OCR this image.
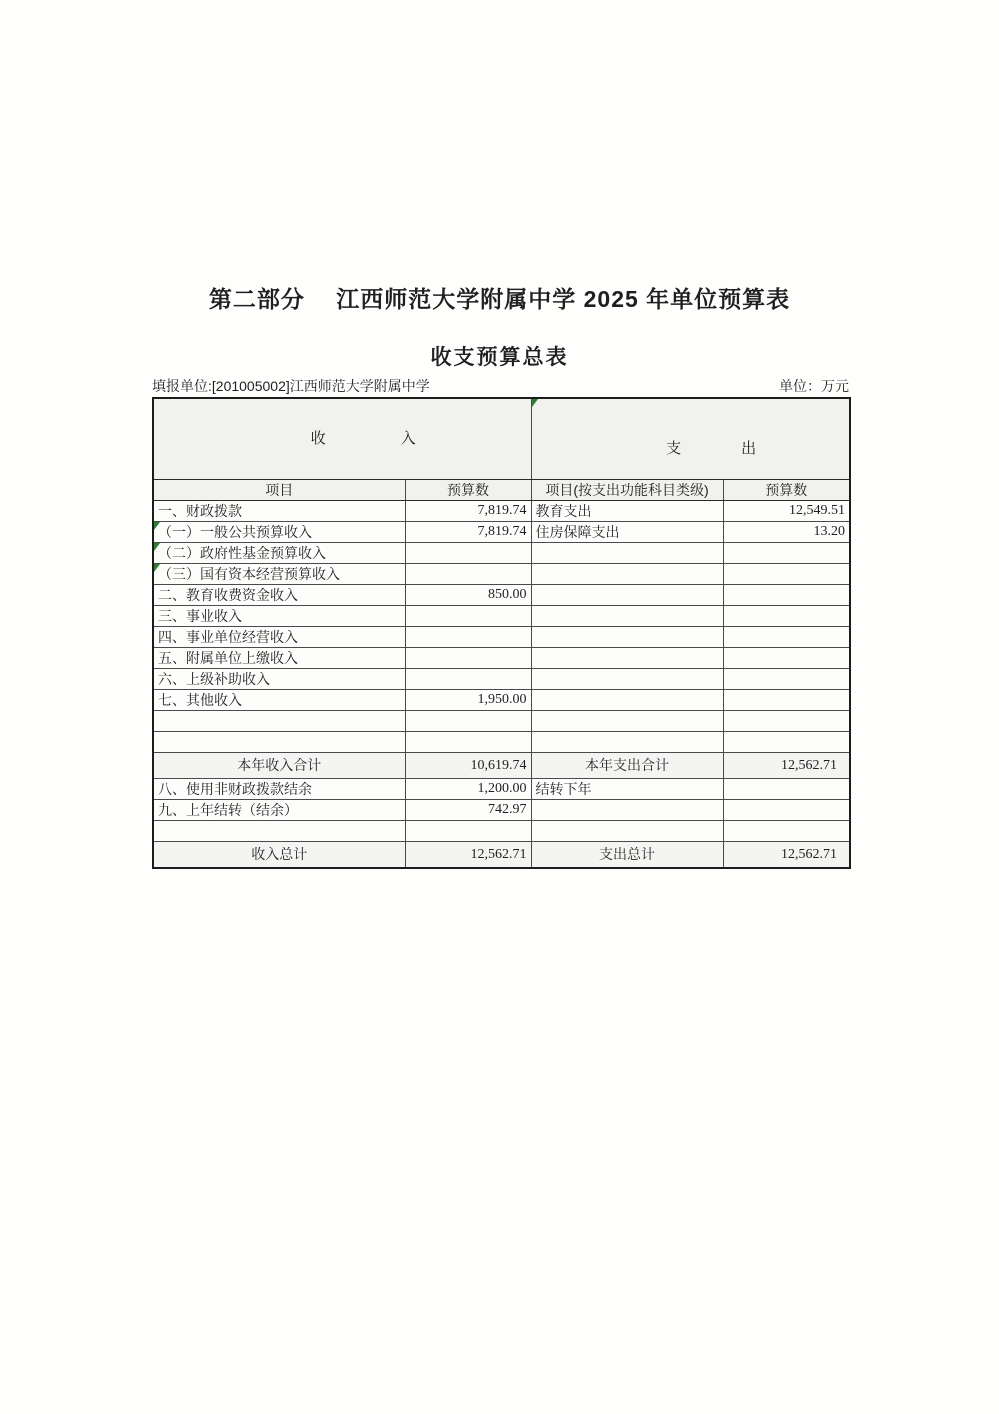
第二部分　 江西师范大学附属中学 2025 年单位预算表
收支预算总表
填报单位:[201005002]江西师范大学附属中学	单位：万元

收　　　　　入		支　　　　出	

项目	预算数	项目(按支出功能科目类级)	预算数
一、财政拨款	7,819.74	教育支出	12,549.51
（一）一般公共预算收入	7,819.74	住房保障支出	13.20
（二）政府性基金预算收入

（三）国有资本经营预算收入

二、教育收费资金收入	850.00		
三、事业收入			
四、事业单位经营收入			
五、附属单位上缴收入			
六、上级补助收入			
七、其他收入	1,950.00		

本年收入合计	10,619.74	本年支出合计	12,562.71
八、使用非财政拨款结余	1,200.00	结转下年	
九、上年结转（结余）	742.97		

收入总计	12,562.71	支出总计	12,562.71
